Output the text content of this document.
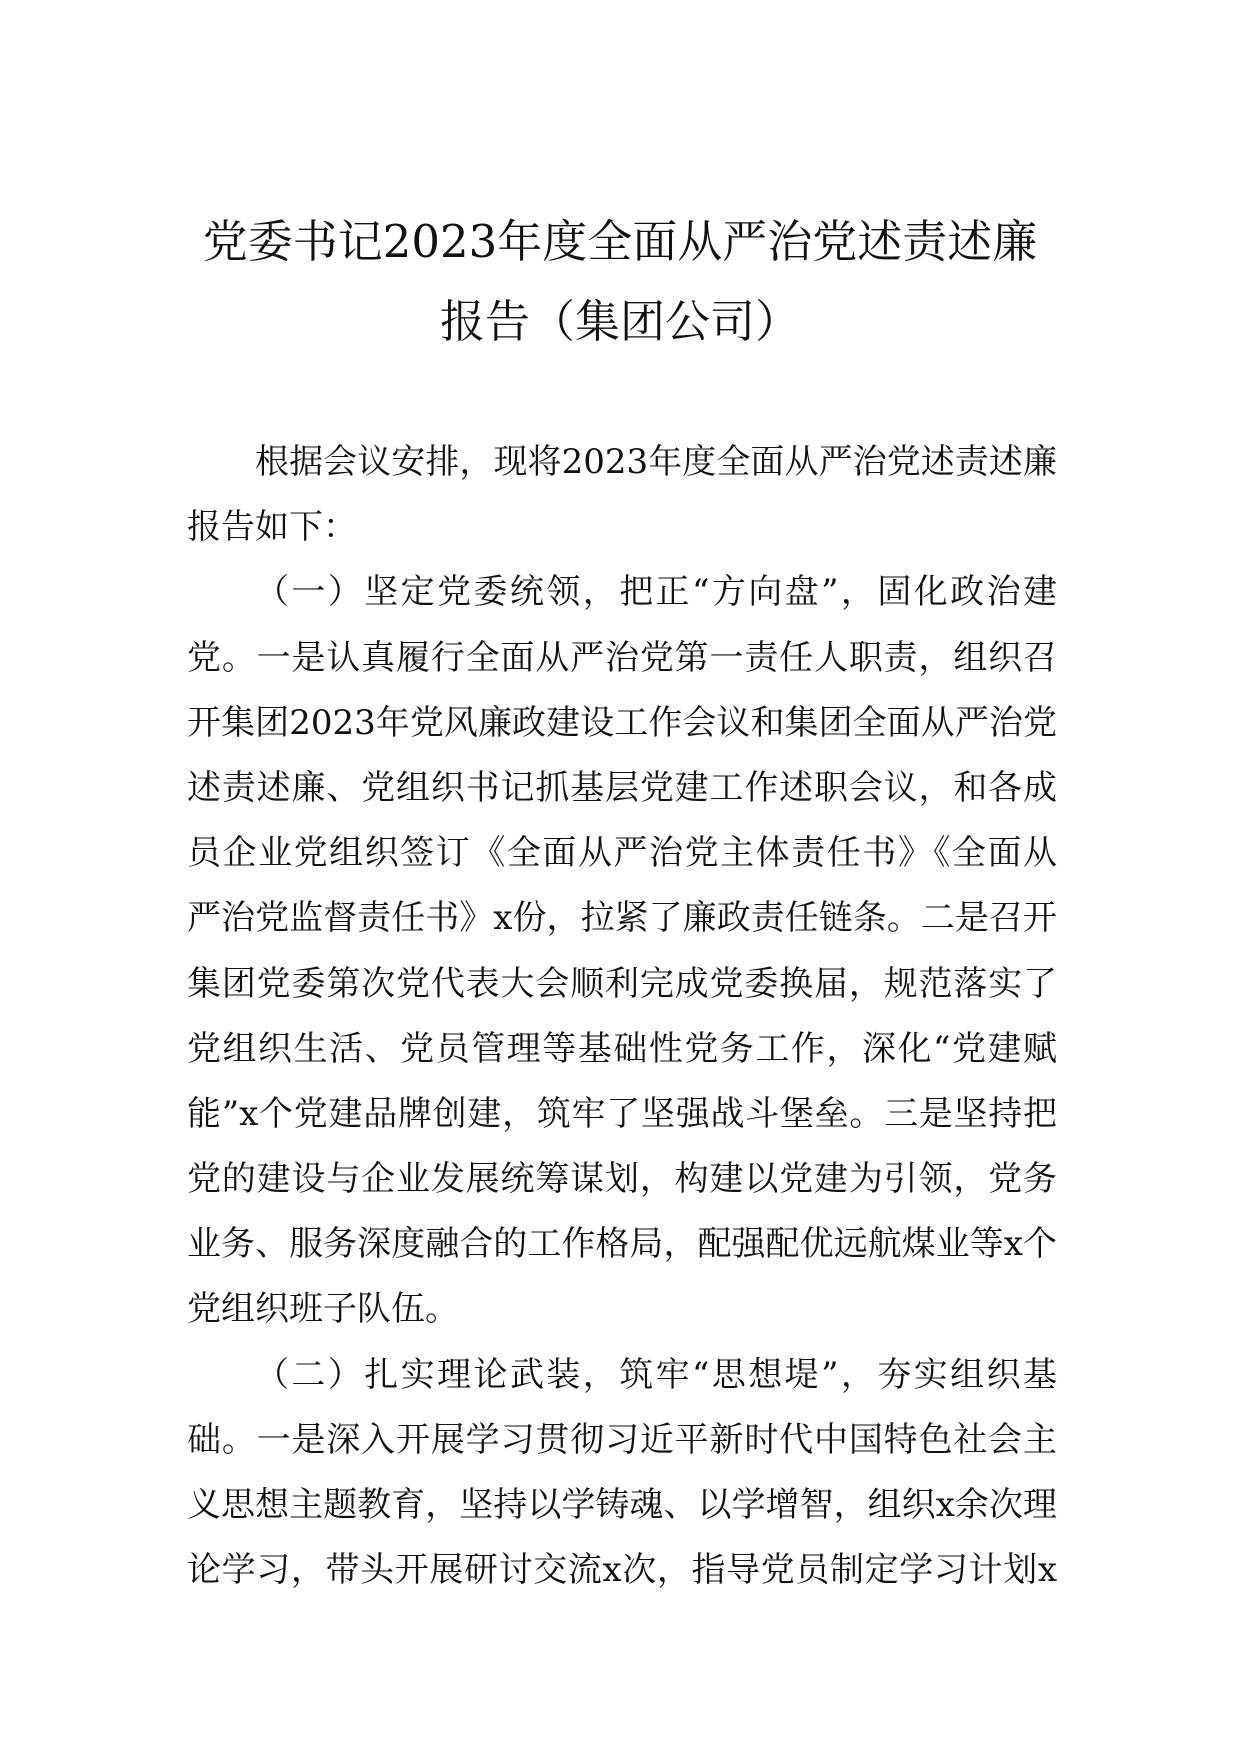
党委书记2023年度全面从严治党述责述廉
报告（集团公司）
根据会议安排，现将2023年度全面从严治党述责述廉
报告如下：
（一）坚定党委统领，把正“方向盘”，固化政治建
党。一是认真履行全面从严治党第一责任人职责，组织召
开集团2023年党风廉政建设工作会议和集团全面从严治党
述责述廉、党组织书记抓基层党建工作述职会议，和各成
员企业党组织签订《全面从严治党主体责任书》《全面从
严治党监督责任书》x份，拉紧了廉政责任链条。二是召开
集团党委第次党代表大会顺利完成党委换届，规范落实了
党组织生活、党员管理等基础性党务工作，深化“党建赋
能”x个党建品牌创建，筑牢了坚强战斗堡垒。三是坚持把
党的建设与企业发展统筹谋划，构建以党建为引领，党务
业务、服务深度融合的工作格局，配强配优远航煤业等x个
党组织班子队伍。
（二）扎实理论武装，筑牢“思想堤”，夯实组织基
础。一是深入开展学习贯彻习近平新时代中国特色社会主
义思想主题教育，坚持以学铸魂、以学增智，组织x余次理
论学习，带头开展研讨交流x次，指导党员制定学习计划x
